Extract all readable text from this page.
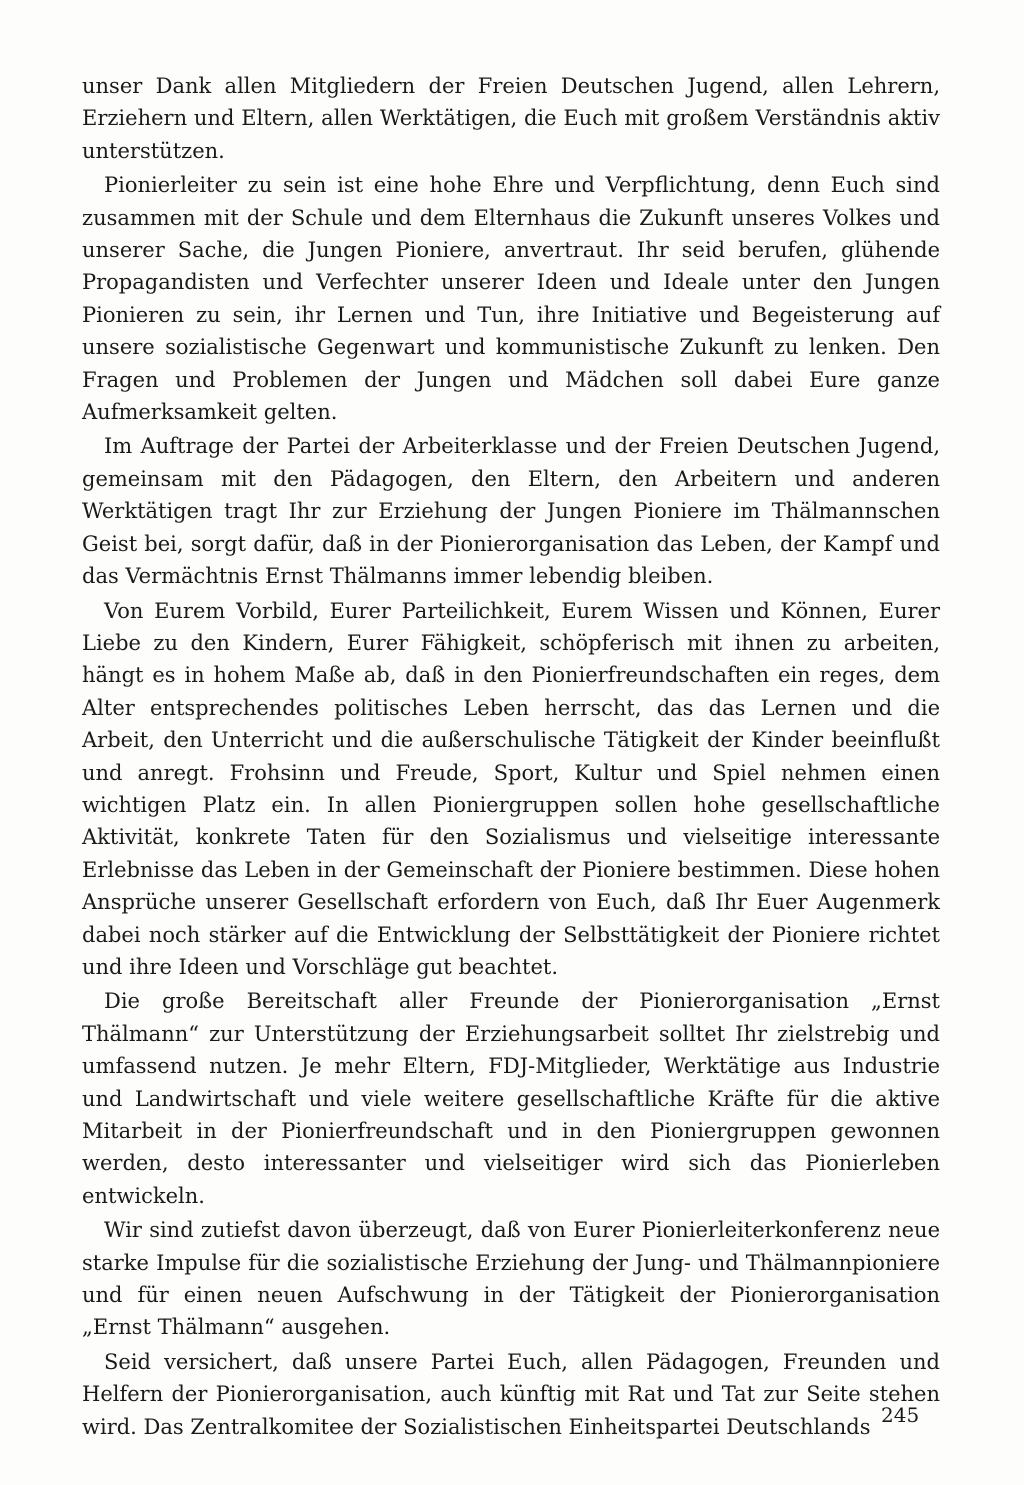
unser Dank allen Mitgliedern der Freien Deutschen Jugend, allen Lehrern, Erziehern und Eltern, allen Werktätigen, die Euch mit großem Verständnis aktiv unterstützen.

Pionierleiter zu sein ist eine hohe Ehre und Verpflichtung, denn Euch sind zusammen mit der Schule und dem Elternhaus die Zukunft unseres Volkes und unserer Sache, die Jungen Pioniere, anvertraut. Ihr seid berufen, glühende Propagandisten und Verfechter unserer Ideen und Ideale unter den Jungen Pionieren zu sein, ihr Lernen und Tun, ihre Initiative und Begeisterung auf unsere sozialistische Gegenwart und kommunistische Zukunft zu lenken. Den Fragen und Problemen der Jungen und Mädchen soll dabei Eure ganze Aufmerksamkeit gelten.

Im Auftrage der Partei der Arbeiterklasse und der Freien Deutschen Jugend, gemeinsam mit den Pädagogen, den Eltern, den Arbeitern und anderen Werktätigen tragt Ihr zur Erziehung der Jungen Pioniere im Thälmannschen Geist bei, sorgt dafür, daß in der Pionierorganisation das Leben, der Kampf und das Vermächtnis Ernst Thälmanns immer lebendig bleiben.

Von Eurem Vorbild, Eurer Parteilichkeit, Eurem Wissen und Können, Eurer Liebe zu den Kindern, Eurer Fähigkeit, schöpferisch mit ihnen zu arbeiten, hängt es in hohem Maße ab, daß in den Pionierfreundschaften ein reges, dem Alter entsprechendes politisches Leben herrscht, das das Lernen und die Arbeit, den Unterricht und die außerschulische Tätigkeit der Kinder beeinflußt und anregt. Frohsinn und Freude, Sport, Kultur und Spiel nehmen einen wichtigen Platz ein. In allen Pioniergruppen sollen hohe gesellschaftliche Aktivität, konkrete Taten für den Sozialismus und vielseitige interessante Erlebnisse das Leben in der Gemeinschaft der Pioniere bestimmen. Diese hohen Ansprüche unserer Gesellschaft erfordern von Euch, daß Ihr Euer Augenmerk dabei noch stärker auf die Entwicklung der Selbsttätigkeit der Pioniere richtet und ihre Ideen und Vorschläge gut beachtet.

Die große Bereitschaft aller Freunde der Pionierorganisation „Ernst Thälmann“ zur Unterstützung der Erziehungsarbeit solltet Ihr zielstrebig und umfassend nutzen. Je mehr Eltern, FDJ-Mitglieder, Werktätige aus Industrie und Landwirtschaft und viele weitere gesellschaftliche Kräfte für die aktive Mitarbeit in der Pionierfreundschaft und in den Pioniergruppen gewonnen werden, desto interessanter und vielseitiger wird sich das Pionierleben entwickeln.

Wir sind zutiefst davon überzeugt, daß von Eurer Pionierleiterkonferenz neue starke Impulse für die sozialistische Erziehung der Jung- und Thälmannpioniere und für einen neuen Aufschwung in der Tätigkeit der Pionierorganisation „Ernst Thälmann“ ausgehen.

Seid versichert, daß unsere Partei Euch, allen Pädagogen, Freunden und Helfern der Pionierorganisation, auch künftig mit Rat und Tat zur Seite stehen wird. Das Zentralkomitee der Sozialistischen Einheitspartei Deutschlands 245
